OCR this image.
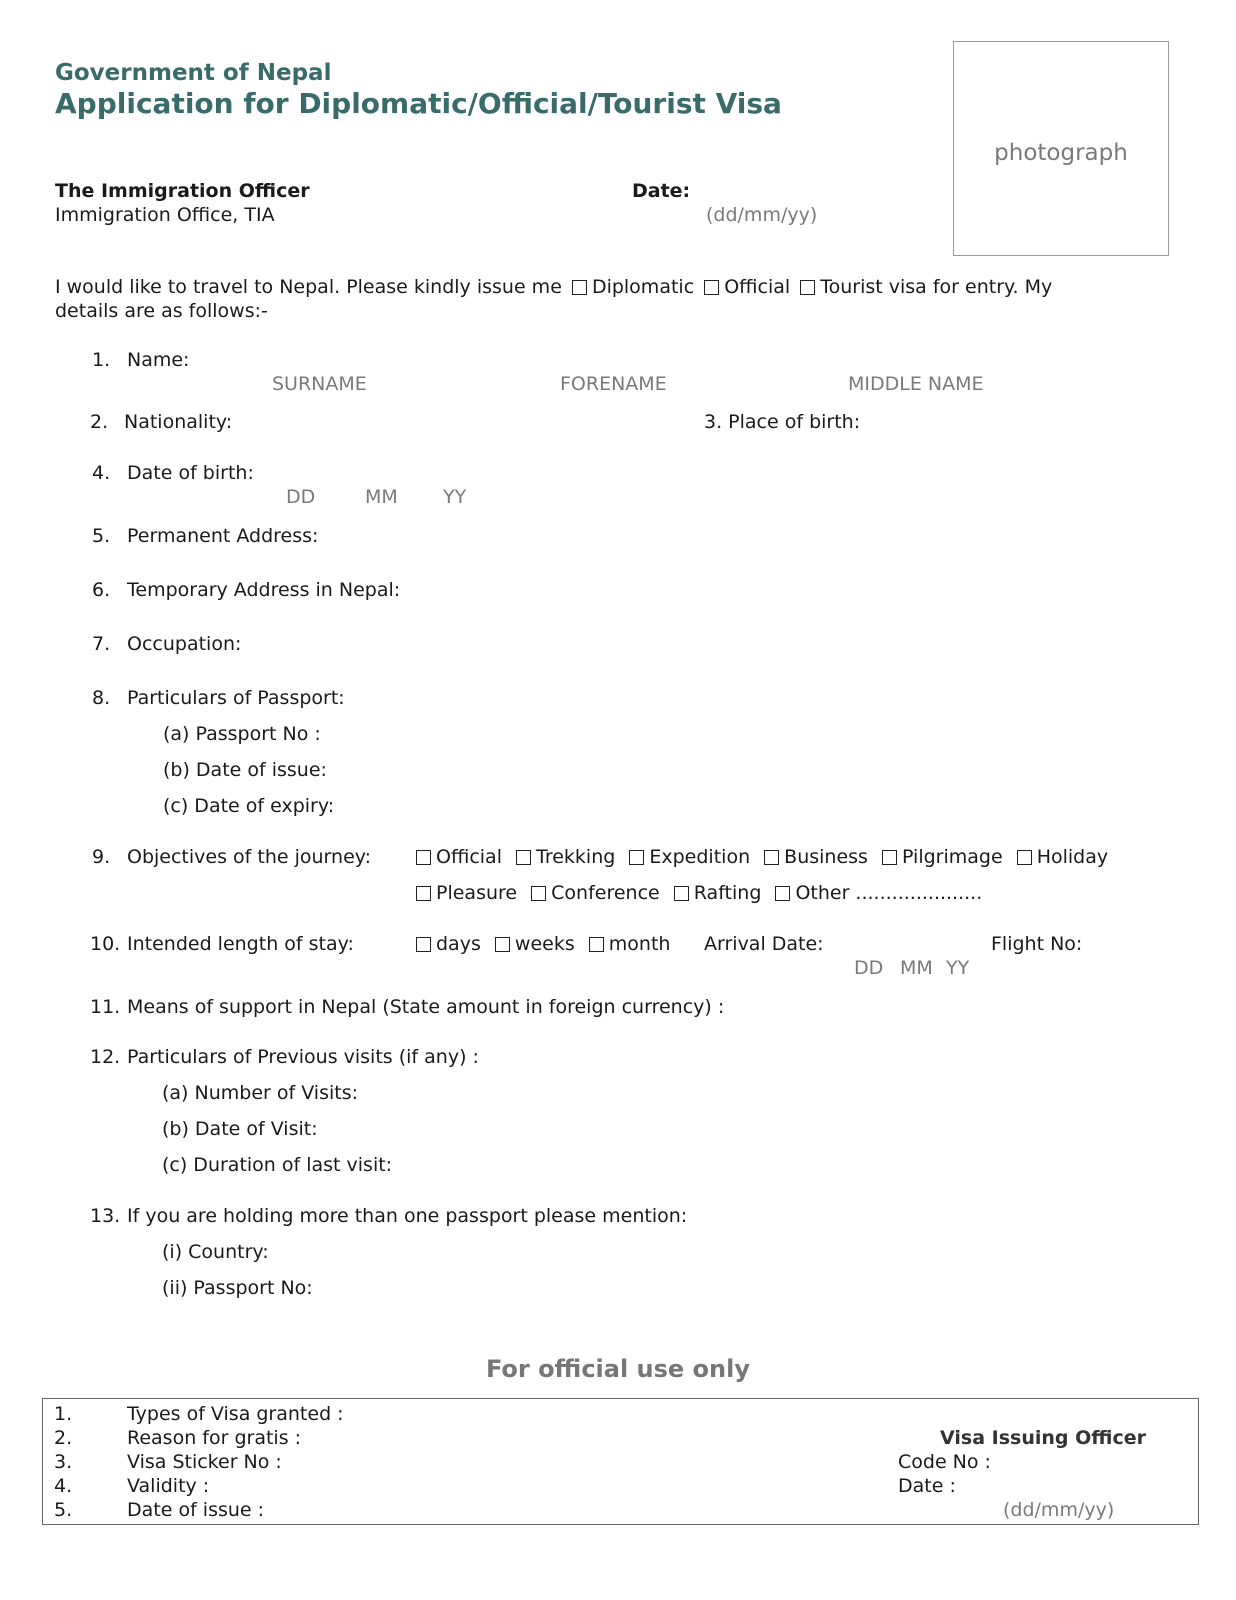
Government of Nepal
Application for Diplomatic/Official/Tourist Visa
photograph
The Immigration Officer
Immigration Office, TIA
Date:
(dd/mm/yy)
I would like to travel to Nepal. Please kindly issue me Diplomatic Official Tourist visa for entry. My
details are as follows:-
1. Name:
SURNAME	FORENAME	MIDDLE NAME
2. Nationality:	3. Place of birth:
4. Date of birth:
DD	MM YY
5. Permanent Address:
6. Temporary Address in Nepal:
7. Occupation:
8. Particulars of Passport:
(a) Passport No :
(b) Date of issue:
(c) Date of expiry:
9. Objectives of the journey:	Official Trekking Expedition Business Pilgrimage Holiday
Pleasure Conference Rafting Other .....................
10. Intended length of stay:	days weeks month Arrival Date:
DD MM YY
Flight No:
11. Means of support in Nepal (State amount in foreign currency) :
12. Particulars of Previous visits (if any) :
(a) Number of Visits:
(b) Date of Visit:
(c) Duration of last visit:
13. If you are holding more than one passport please mention:
(i) Country:
(ii) Passport No:
For official use only
1.	Types of Visa granted :
2.	Reason for gratis :
3.	Visa Sticker No :
4.	Validity :
5.	Date of issue :
Visa Issuing Officer
Code No :
Date :
(dd/mm/yy)
